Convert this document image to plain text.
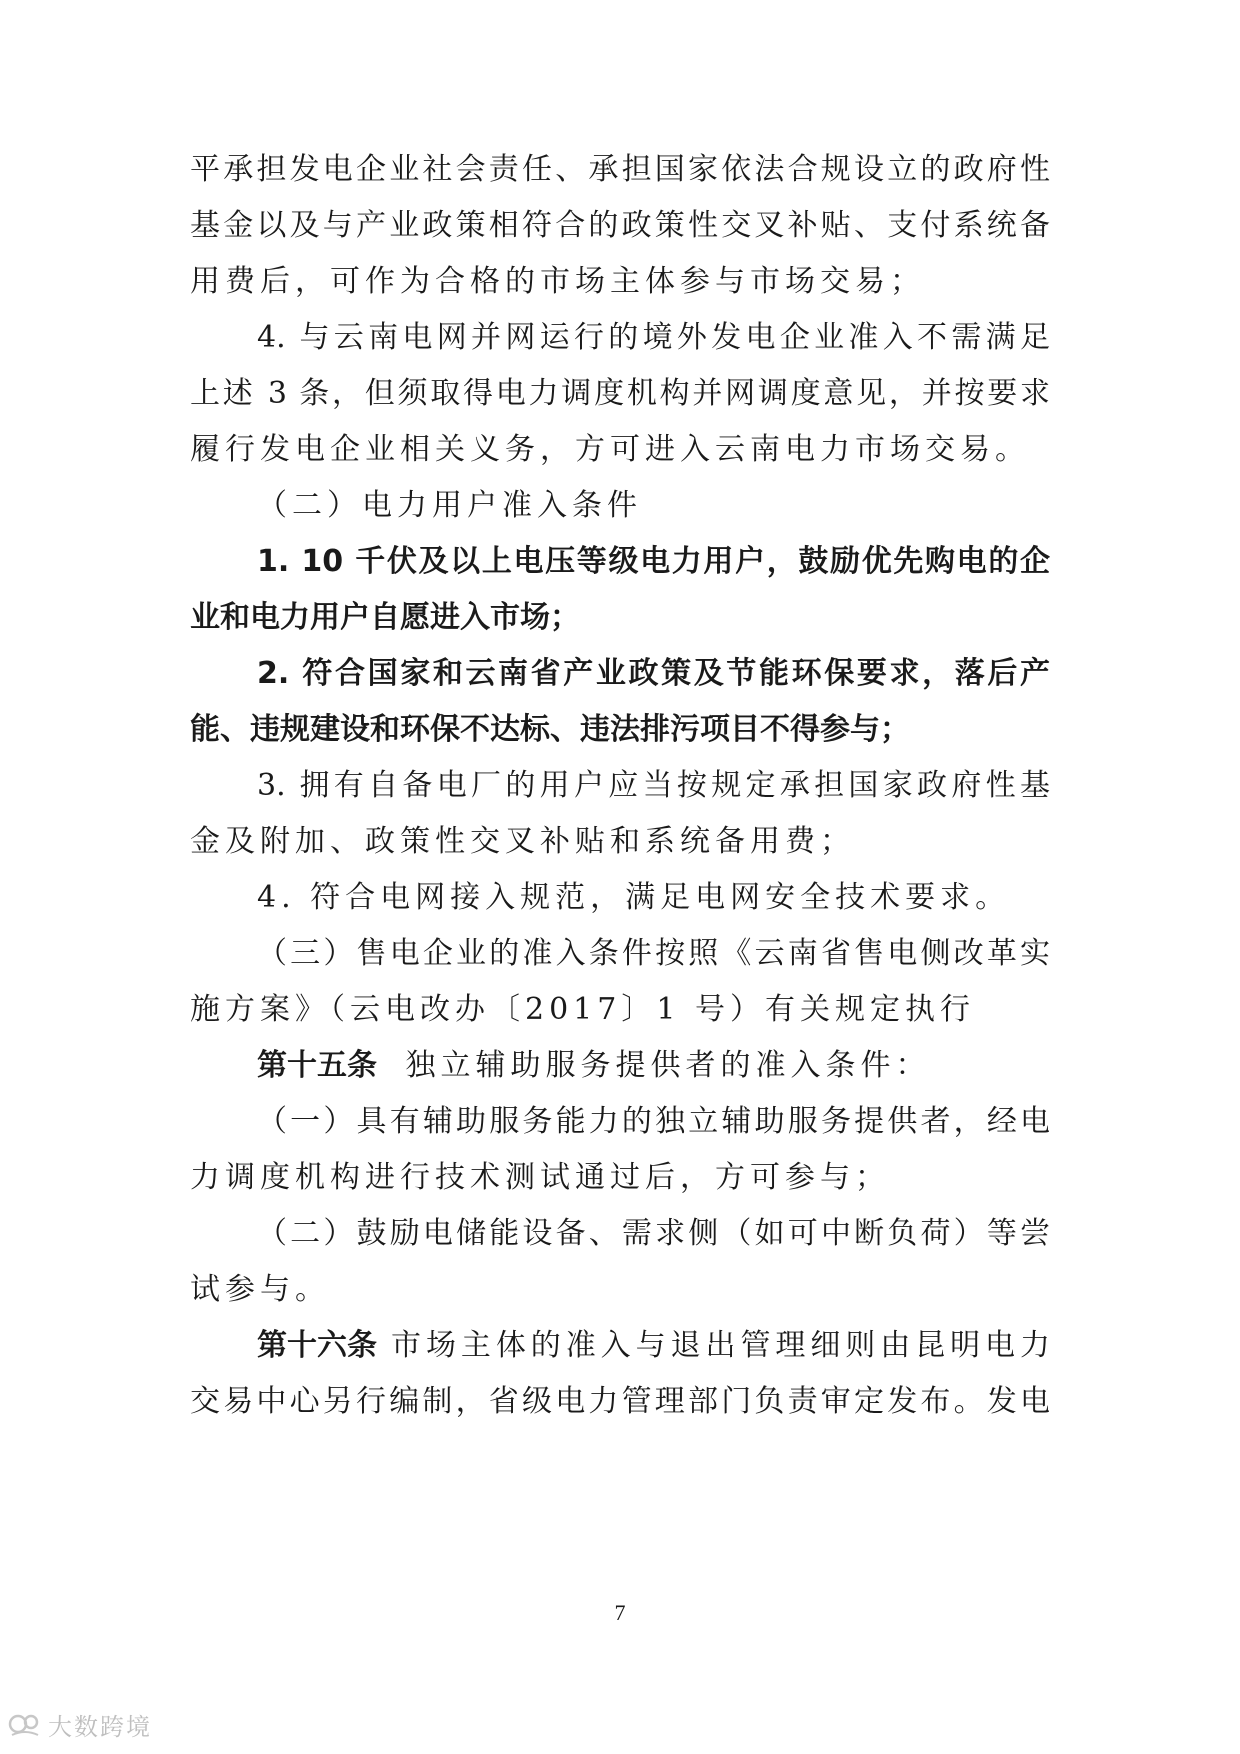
平承担发电企业社会责任、承担国家依法合规设立的政府性
基金以及与产业政策相符合的政策性交叉补贴、支付系统备
用费后，可作为合格的市场主体参与市场交易；
4. 与云南电网并网运行的境外发电企业准入不需满足
上述 3 条，但须取得电力调度机构并网调度意见，并按要求
履行发电企业相关义务，方可进入云南电力市场交易。
（二）电力用户准入条件
1. 10 千伏及以上电压等级电力用户，鼓励优先购电的企
业和电力用户自愿进入市场；
2. 符合国家和云南省产业政策及节能环保要求，落后产
能、违规建设和环保不达标、违法排污项目不得参与；
3. 拥有自备电厂的用户应当按规定承担国家政府性基
金及附加、政策性交叉补贴和系统备用费；
4. 符合电网接入规范，满足电网安全技术要求。
（三）售电企业的准入条件按照《云南省售电侧改革实
施方案》（云电改办〔2017〕1 号）有关规定执行
第十五条 独立辅助服务提供者的准入条件：
（一）具有辅助服务能力的独立辅助服务提供者，经电
力调度机构进行技术测试通过后，方可参与；
（二）鼓励电储能设备、需求侧（如可中断负荷）等尝
试参与。
第十六条 市场主体的准入与退出管理细则由昆明电力
交易中心另行编制，省级电力管理部门负责审定发布。发电
7
大数跨境
